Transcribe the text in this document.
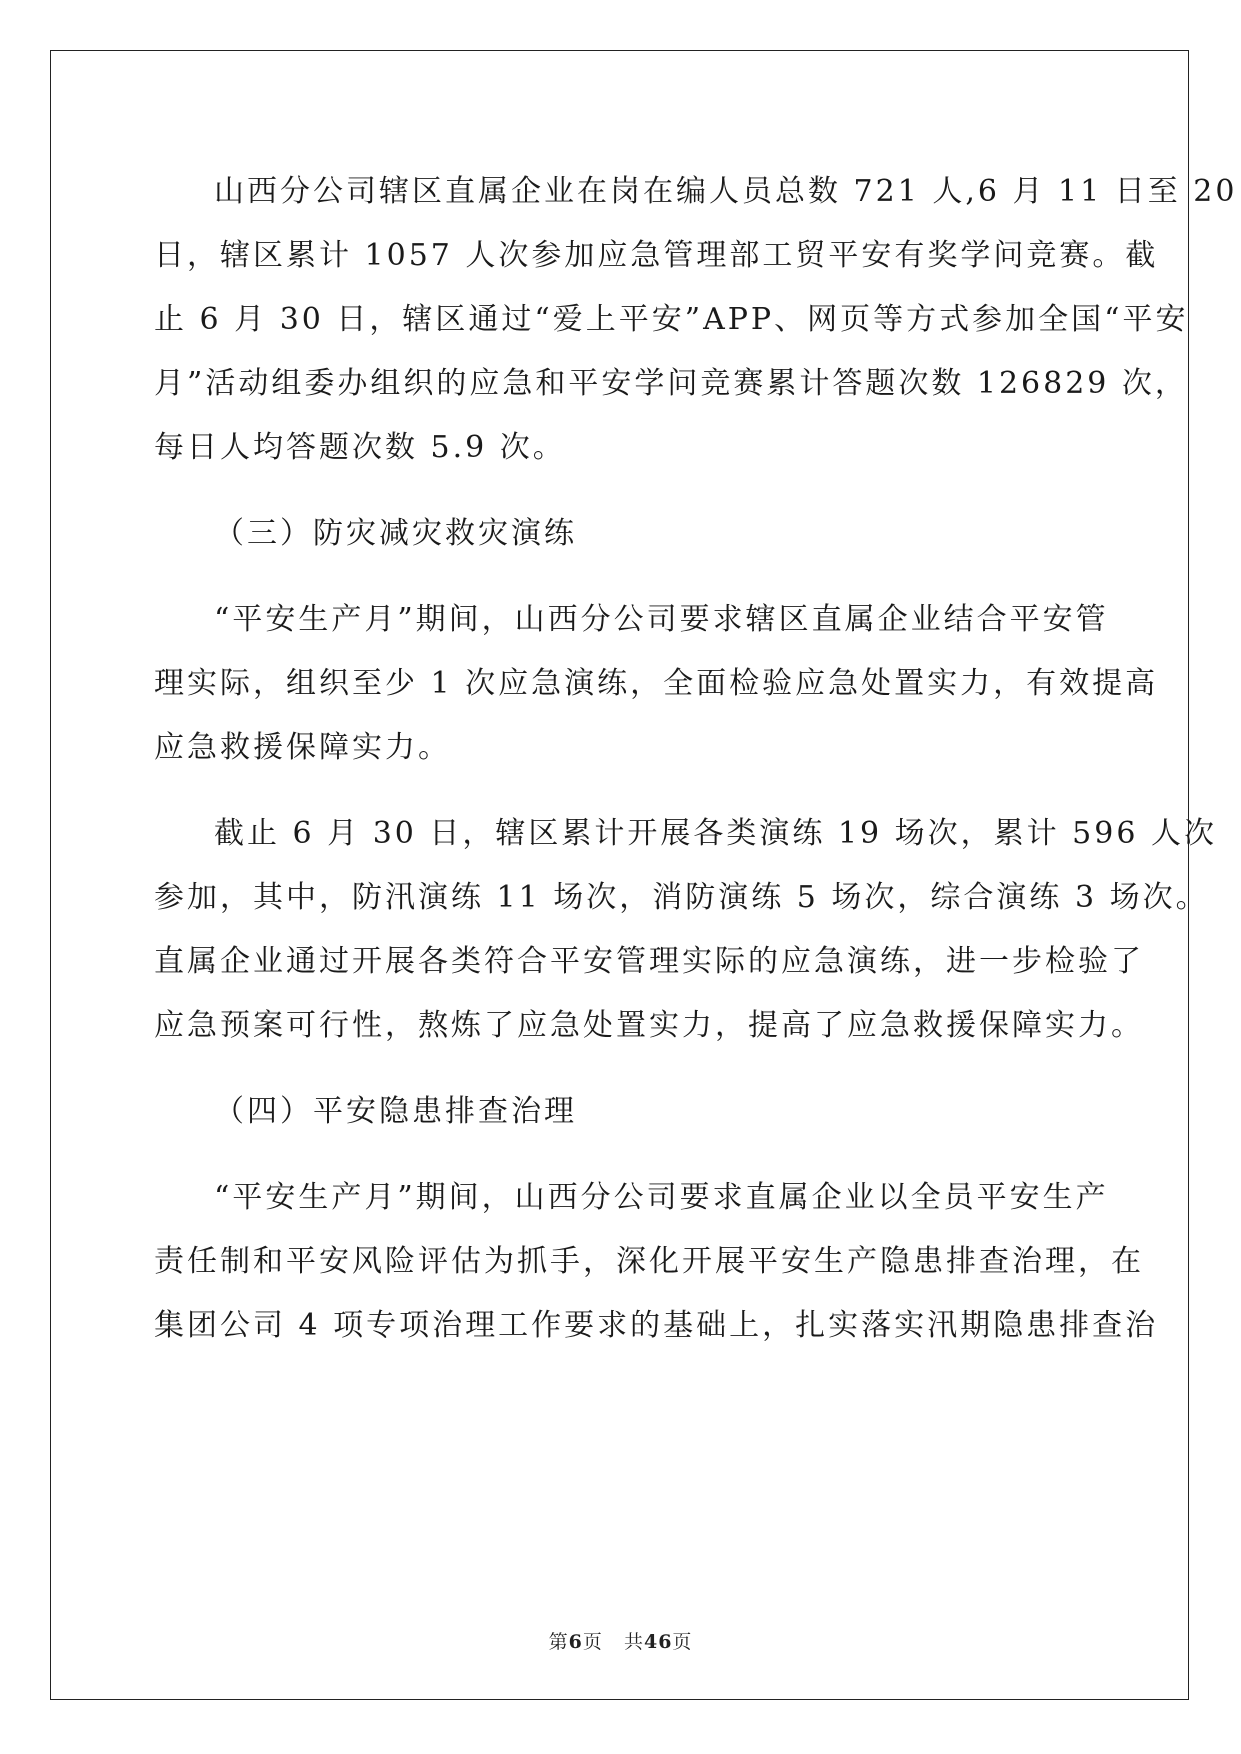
山西分公司辖区直属企业在岗在编人员总数 721 人,6 月 11 日至 20
日，辖区累计 1057 人次参加应急管理部工贸平安有奖学问竞赛。截
止 6 月 30 日，辖区通过“爱上平安”APP、网页等方式参加全国“平安
月”活动组委办组织的应急和平安学问竞赛累计答题次数 126829 次，
每日人均答题次数 5.9 次。
（三）防灾减灾救灾演练
“平安生产月”期间，山西分公司要求辖区直属企业结合平安管
理实际，组织至少 1 次应急演练，全面检验应急处置实力，有效提高
应急救援保障实力。
截止 6 月 30 日，辖区累计开展各类演练 19 场次，累计 596 人次
参加，其中，防汛演练 11 场次，消防演练 5 场次，综合演练 3 场次。
直属企业通过开展各类符合平安管理实际的应急演练，进一步检验了
应急预案可行性，熬炼了应急处置实力，提高了应急救援保障实力。
（四）平安隐患排查治理
“平安生产月”期间，山西分公司要求直属企业以全员平安生产
责任制和平安风险评估为抓手，深化开展平安生产隐患排查治理，在
集团公司 4 项专项治理工作要求的基础上，扎实落实汛期隐患排查治
第6页 共46页
